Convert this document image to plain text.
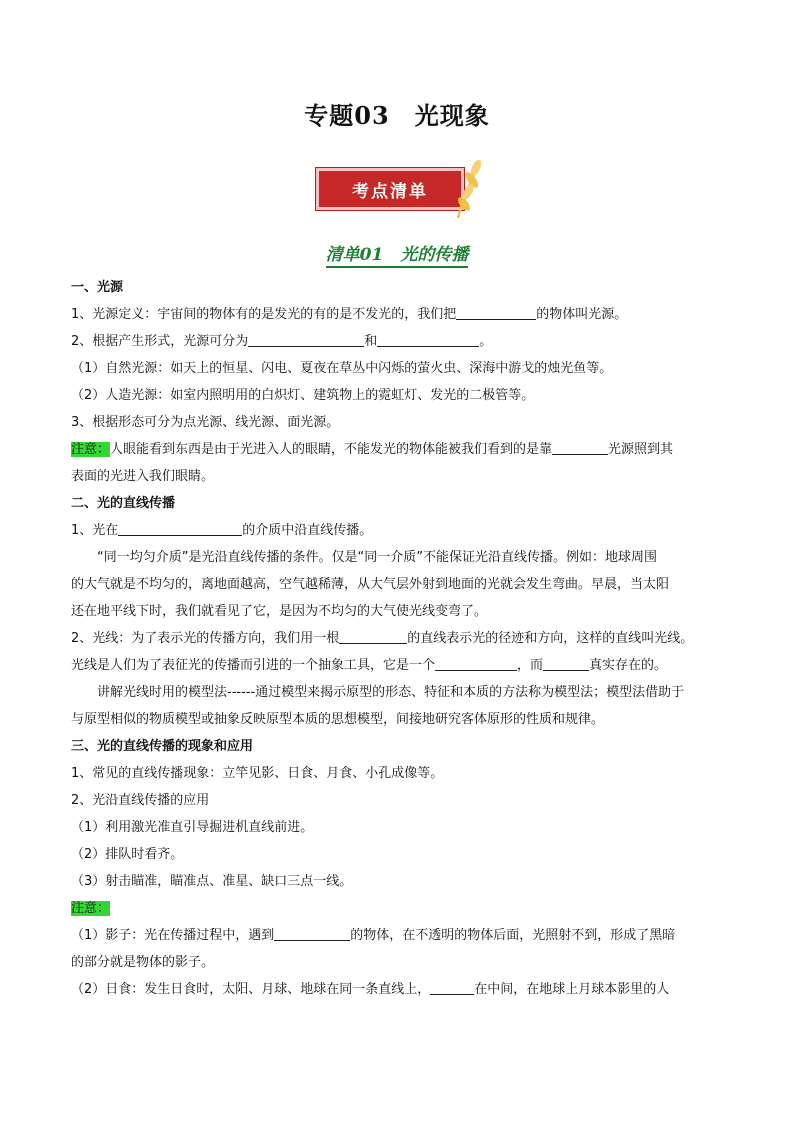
专题03　光现象
考点清单
清单01　光的传播
一、光源
1、光源定义：宇宙间的物体有的是发光的有的是不发光的，我们把	的物体叫光源。
2、根据产生形式，光源可分为	和	。
（1）自然光源：如天上的恒星、闪电、夏夜在草丛中闪烁的萤火虫、深海中游戈的烛光鱼等。
（2）人造光源：如室内照明用的白炽灯、建筑物上的霓虹灯、发光的二极管等。
3、根据形态可分为点光源、线光源、面光源。
注意：人眼能看到东西是由于光进入人的眼睛，不能发光的物体能被我们看到的是靠	光源照到其
表面的光进入我们眼睛。
二、光的直线传播
1、光在	的介质中沿直线传播。
“同一均匀介质”是光沿直线传播的条件。仅是“同一介质”不能保证光沿直线传播。例如：地球周围
的大气就是不均匀的，离地面越高，空气越稀薄，从大气层外射到地面的光就会发生弯曲。早晨，当太阳
还在地平线下时，我们就看见了它，是因为不均匀的大气使光线变弯了。
2、光线：为了表示光的传播方向，我们用一根	的直线表示光的径迹和方向，这样的直线叫光线。
光线是人们为了表征光的传播而引进的一个抽象工具，它是一个	，而	真实存在的。
讲解光线时用的模型法------通过模型来揭示原型的形态、特征和本质的方法称为模型法；模型法借助于
与原型相似的物质模型或抽象反映原型本质的思想模型，间接地研究客体原形的性质和规律。
三、光的直线传播的现象和应用
1、常见的直线传播现象：立竿见影、日食、月食、小孔成像等。
2、光沿直线传播的应用
（1）利用激光准直引导掘进机直线前进。
（2）排队时看齐。
（3）射击瞄准，瞄准点、准星、缺口三点一线。
注意：
（1）影子：光在传播过程中，遇到	的物体，在不透明的物体后面，光照射不到，形成了黑暗
的部分就是物体的影子。
（2）日食：发生日食时，太阳、月球、地球在同一条直线上，	在中间，在地球上月球本影里的人
